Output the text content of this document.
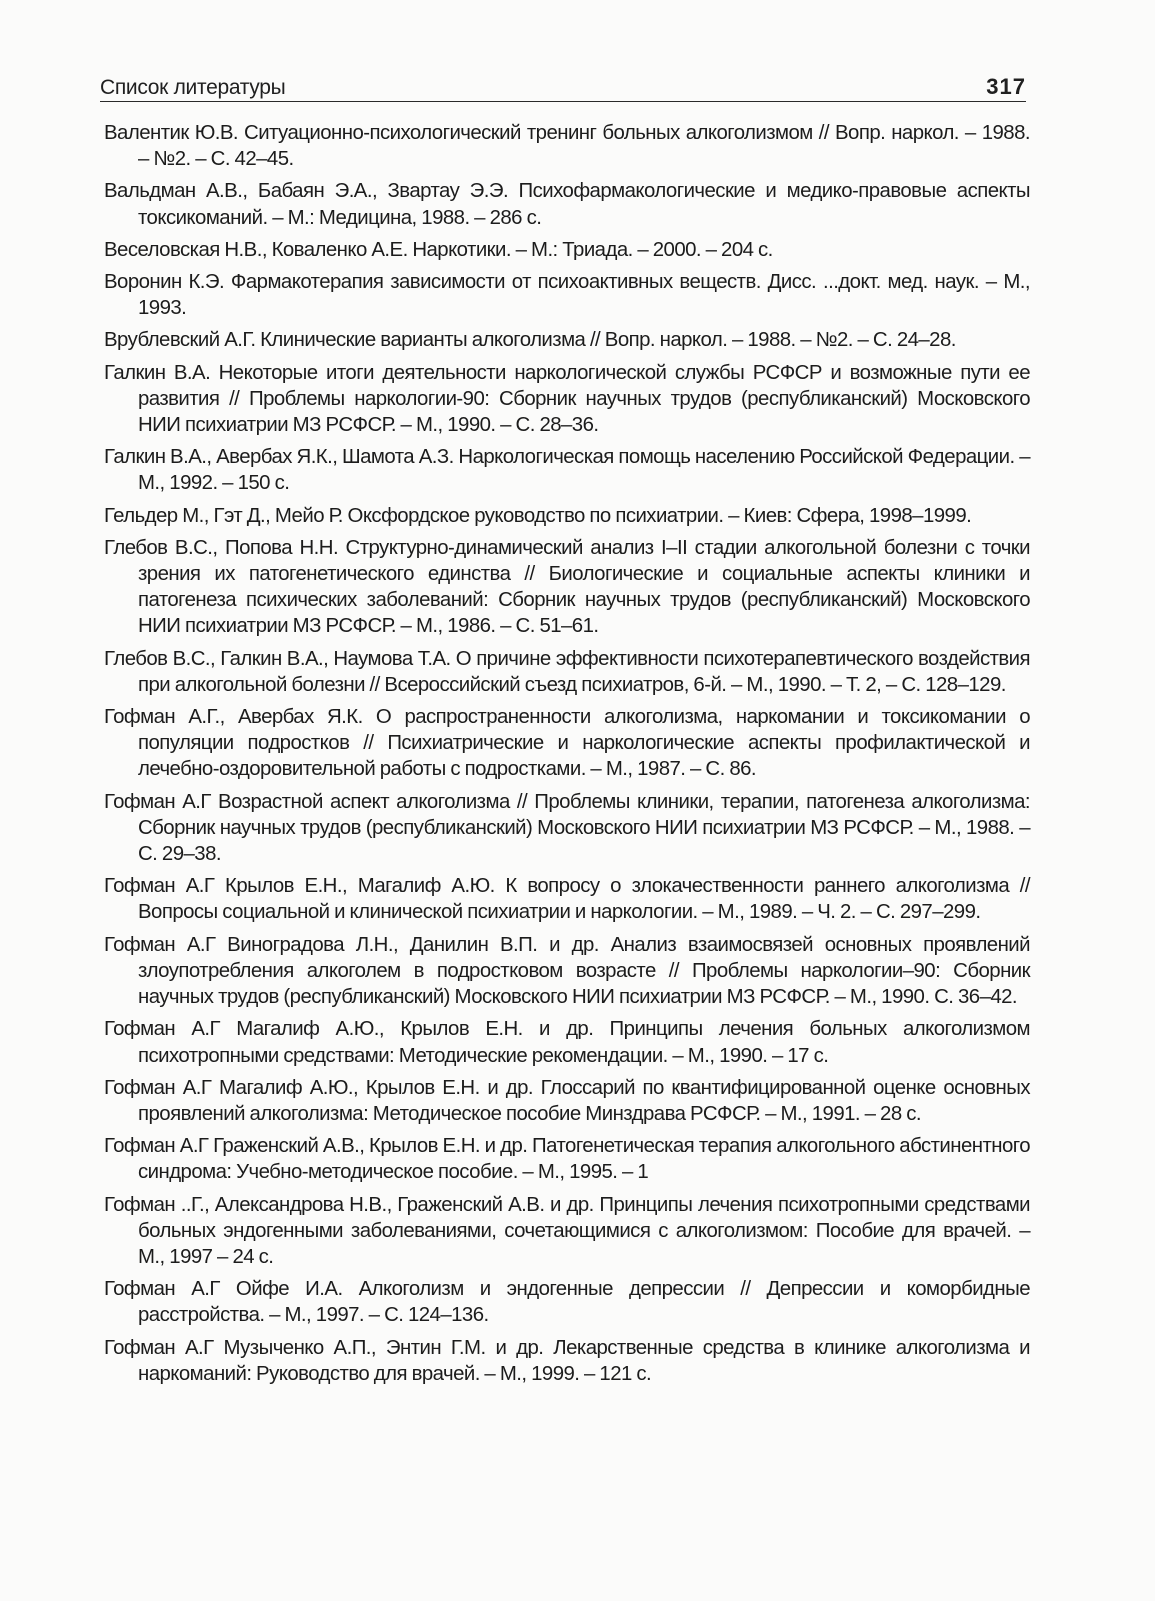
Список литературы	317
Валентик Ю.В. Ситуационно-психологический тренинг больных алкоголизмом // Вопр. наркол. – 1988. – №2. – С. 42–45.
Вальдман А.В., Бабаян Э.А., Звартау Э.Э. Психофармакологические и медико-правовые аспекты токсикоманий. – М.: Медицина, 1988. – 286 с.
Веселовская Н.В., Коваленко А.Е. Наркотики. – М.: Триада. – 2000. – 204 с.
Воронин К.Э. Фармакотерапия зависимости от психоактивных веществ. Дисс. ...докт. мед. наук. – М., 1993.
Врублевский А.Г. Клинические варианты алкоголизма // Вопр. наркол. – 1988. – №2. – С. 24–28.
Галкин В.А. Некоторые итоги деятельности наркологической службы РСФСР и возможные пути ее развития // Проблемы наркологии-90: Сборник научных трудов (республиканский) Московского НИИ психиатрии МЗ РСФСР. – М., 1990. – С. 28–36.
Галкин В.А., Авербах Я.К., Шамота А.З. Наркологическая помощь населению Российской Федерации. – М., 1992. – 150 с.
Гельдер М., Гэт Д., Мейо Р. Оксфордское руководство по психиатрии. – Киев: Сфера, 1998–1999.
Глебов В.С., Попова Н.Н. Структурно-динамический анализ I–II стадии алкогольной болезни с точки зрения их патогенетического единства // Биологические и социальные аспекты клиники и патогенеза психических заболеваний: Сборник научных трудов (республиканский) Московского НИИ психиатрии МЗ РСФСР. – М., 1986. – С. 51–61.
Глебов В.С., Галкин В.А., Наумова Т.А. О причине эффективности психотерапевтического воздействия при алкогольной болезни // Всероссийский съезд психиатров, 6-й. – М., 1990. – Т. 2, – С. 128–129.
Гофман А.Г., Авербах Я.К. О распространенности алкоголизма, наркомании и токсикомании о популяции подростков // Психиатрические и наркологические аспекты профилактической и лечебно-оздоровительной работы с подростками. – М., 1987. – С. 86.
Гофман А.Г Возрастной аспект алкоголизма // Проблемы клиники, терапии, патогенеза алкоголизма: Сборник научных трудов (республиканский) Московского НИИ психиатрии МЗ РСФСР. – М., 1988. – С. 29–38.
Гофман А.Г Крылов Е.Н., Магалиф А.Ю. К вопросу о злокачественности раннего алкоголизма // Вопросы социальной и клинической психиатрии и наркологии. – М., 1989. – Ч. 2. – С. 297–299.
Гофман А.Г Виноградова Л.Н., Данилин В.П. и др. Анализ взаимосвязей основных проявлений злоупотребления алкоголем в подростковом возрасте // Проблемы наркологии–90: Сборник научных трудов (республиканский) Московского НИИ психиатрии МЗ РСФСР. – М., 1990. С. 36–42.
Гофман А.Г Магалиф А.Ю., Крылов Е.Н. и др. Принципы лечения больных алкоголизмом психотропными средствами: Методические рекомендации. – М., 1990. – 17 с.
Гофман А.Г Магалиф А.Ю., Крылов Е.Н. и др. Глоссарий по квантифицированной оценке основных проявлений алкоголизма: Методическое пособие Минздрава РСФСР. – М., 1991. – 28 с.
Гофман А.Г Граженский А.В., Крылов Е.Н. и др. Патогенетическая терапия алкогольного абстинентного синдрома: Учебно-методическое пособие. – М., 1995. – 1
Гофман ..Г., Александрова Н.В., Граженский А.В. и др. Принципы лечения психотропными средствами больных эндогенными заболеваниями, сочетающимися с алкоголизмом: Пособие для врачей. – М., 1997 – 24 с.
Гофман А.Г Ойфе И.А. Алкоголизм и эндогенные депрессии // Депрессии и коморбидные расстройства. – М., 1997. – С. 124–136.
Гофман А.Г Музыченко А.П., Энтин Г.М. и др. Лекарственные средства в клинике алкоголизма и наркоманий: Руководство для врачей. – М., 1999. – 121 с.
